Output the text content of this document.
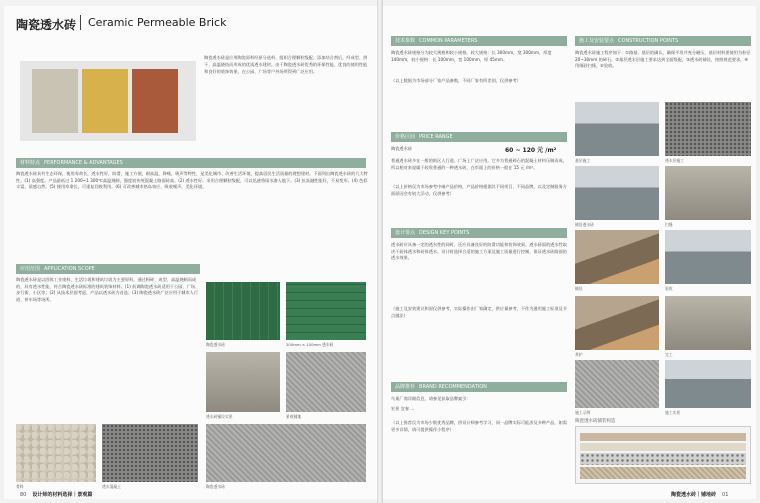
陶瓷透水砖 Ceramic Permeable Brick
陶瓷透水砖是应用陶瓷原料经原分选料、组织合理颗粒级配、添加结合剂后，经成型、烘干、高温烧结而形成的优质透水建材。由于陶瓷透水砖优秀的环保性能、优良的使用性能和良好的装饰效果，在公园、广场等户外场所得到广泛应用。
材料特点 PERFORMANCE & ADVANTAGES
陶瓷透水砖具有生态环保，使用寿命长，透水性好，防滑，施工方便，耐高温，降噪，吸声等特性，是美化城市、改善生活环境，提高居民生活质量的理想建材。下面列出陶瓷透水砖的几大特性。(1) 高强度。产品最低过 1 200~1 300℃高温烧制，强度较传统混凝土路面砖高。(2) 透水性好。采用合理颗粒级配，可以迅速将雨水渗入地下。(3) 抗冻融性能好，不易变形。(4) 色彩丰富，质感自然。(5) 使用寿命长，可重复回收利用。(6) 可改善城市热岛效应，吸收噪声，美化环境。
应用范围 APPLICATION SCOPE
陶瓷透水砖是以固体工业废料、生活垃圾和建筑垃圾为主要原料，通过粉碎、成型、高温烧制而成的，具有透水性能、符合陶瓷透水砖标准的建筑装饰材料。(1) 低调陶瓷透水砖适用于公园、广场、步行街、小区等；(2) 从技术层面考虑，产品以透水砖为首选；(3) 陶瓷透水砖广泛应用于城市人行道、停车场等场所。
陶瓷透水砖	200mm × 100mm 透水砖
透水砖铺设实景	景观铺地
骨料	透水混凝土	陶瓷透水砖
80 设计师的材料选择｜景观篇
技术参数 COMMON PARAMETERS
陶瓷透水砖规格分为较大规格和较小规格。较大规格：长 300mm，宽 300mm，厚度 140mm，较小规格：长 100mm，宽 100mm，厚 45mm。
（以上数据为市场部分厂家产品参数，不同厂家有所差别，仅供参考）
价格区间 PRICE RANGE
陶瓷透水砖	60 ~ 120 元 /m²
普通透水砖多在一般的街区人行道、广场上广泛应用。它多为普通碎石的混凝土材料压制而成，所以相对来说属于较贵普通的一种透水砖，在市面上的价格一般在 15 元 /m²。
（以上价格仅为市场参考中端产品价格，产品价格根据其不同项目、不同品牌，以及定制服务方面原因会有较大浮动，仅供参考）
设计要点 DESIGN KEY POINTS
透水砖应具备一定的透水性的同时，还应具备良好的防滑功能和装饰效果。透水砖面的透水性取决于砖体透水和砖体透水。设计时选择合适的施工方案及施工质量进行控制，保证透水砖路面的透水效果。
（施工及安装建议和原仅供参考，实际操作由厂家确定，供应量参考，不作为通用施工标准及节点做法）
品牌推荐 BRAND RECOMMENDATION
鸟巢厂商详细信息，请参见获取品牌索引：
宏景 宜春 ...
（以上推荐仅为市场少数优秀品牌，供设计师参考学习，同一品牌实际可能涉及多种产品，如需更多详情，请可提供操作小程序）
施工及安装要点 CONSTRUCTION POINTS
陶瓷透水砖施工程序如下：①路基、基层的确认，确保平坦并充分碾压，基层材料要使用为粒径 20~30mm 的碎石，②基层透水层施工要求达到全面级配，③透水砖铺设，按照规范要求，④用细砂扫缝，⑤验收。
基层施工	透水层施工
铺设透水砖	扫缝
铺设	验收
养护	完工
施工示例	施工实景
陶瓷透水砖铺装构造
陶瓷透水砖｜铺地砖 01
